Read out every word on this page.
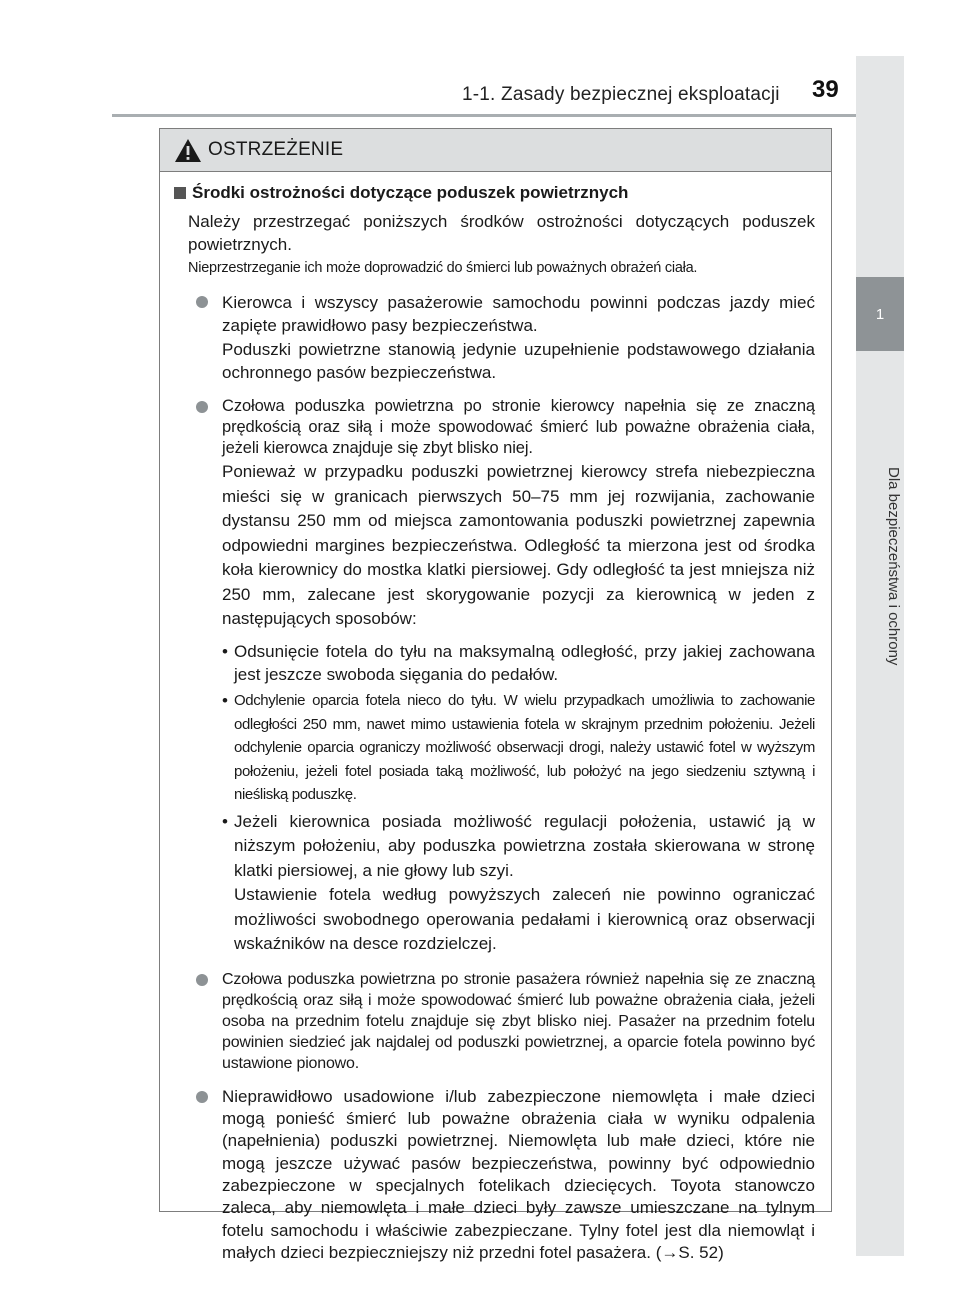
1-1. Zasady bezpiecznej eksploatacji 39
1
Dla bezpieczeństwa i ochrony
OSTRZEŻENIE
Środki ostrożności dotyczące poduszek powietrznych
Należy przestrzegać poniższych środków ostrożności dotyczących poduszek powietrznych.
Nieprzestrzeganie ich może doprowadzić do śmierci lub poważnych obrażeń ciała.

Kierowca i wszyscy pasażerowie samochodu powinni podczas jazdy mieć zapięte prawidłowo pasy bezpieczeństwa.

Poduszki powietrzne stanowią jedynie uzupełnienie podstawowego działania ochronnego pasów bezpieczeństwa.

Czołowa poduszka powietrzna po stronie kierowcy napełnia się ze znaczną prędkością oraz siłą i może spowodować śmierć lub poważne obrażenia ciała, jeżeli kierowca znajduje się zbyt blisko niej.

Ponieważ w przypadku poduszki powietrznej kierowcy strefa niebezpieczna mieści się w granicach pierwszych 50–75 mm jej rozwijania, zachowanie dystansu 250 mm od miejsca zamontowania poduszki powietrznej zapewnia odpowiedni margines bezpieczeństwa. Odległość ta mierzona jest od środka koła kierownicy do mostka klatki piersiowej. Gdy odległość ta jest mniejsza niż 250 mm, zalecane jest skorygowanie pozycji za kierownicą w jeden z następujących sposobów:

• Odsunięcie fotela do tyłu na maksymalną odległość, przy jakiej zachowana jest jeszcze swoboda sięgania do pedałów.
• Odchylenie oparcia fotela nieco do tyłu. W wielu przypadkach umożliwia to zachowanie odległości 250 mm, nawet mimo ustawienia fotela w skrajnym przednim położeniu. Jeżeli odchylenie oparcia ograniczy możliwość obserwacji drogi, należy ustawić fotel w wyższym położeniu, jeżeli fotel posiada taką możliwość, lub położyć na jego siedzeniu sztywną i nieśliską poduszkę.
• Jeżeli kierownica posiada możliwość regulacji położenia, ustawić ją w niższym położeniu, aby poduszka powietrzna została skierowana w stronę klatki piersiowej, a nie głowy lub szyi.
Ustawienie fotela według powyższych zaleceń nie powinno ograniczać możliwości swobodnego operowania pedałami i kierownicą oraz obserwacji wskaźników na desce rozdzielczej.

Czołowa poduszka powietrzna po stronie pasażera również napełnia się ze znaczną prędkością oraz siłą i może spowodować śmierć lub poważne obrażenia ciała, jeżeli osoba na przednim fotelu znajduje się zbyt blisko niej. Pasażer na przednim fotelu powinien siedzieć jak najdalej od poduszki powietrznej, a oparcie fotela powinno być ustawione pionowo.

Nieprawidłowo usadowione i/lub zabezpieczone niemowlęta i małe dzieci mogą ponieść śmierć lub poważne obrażenia ciała w wyniku odpalenia (napełnienia) poduszki powietrznej. Niemowlęta lub małe dzieci, które nie mogą jeszcze używać pasów bezpieczeństwa, powinny być odpowiednio zabezpieczone w specjalnych fotelikach dziecięcych. Toyota stanowczo zaleca, aby niemowlęta i małe dzieci były zawsze umieszczane na tylnym fotelu samochodu i właściwie zabezpieczane. Tylny fotel jest dla niemowląt i małych dzieci bezpieczniejszy niż przedni fotel pasażera. (→S. 52)
